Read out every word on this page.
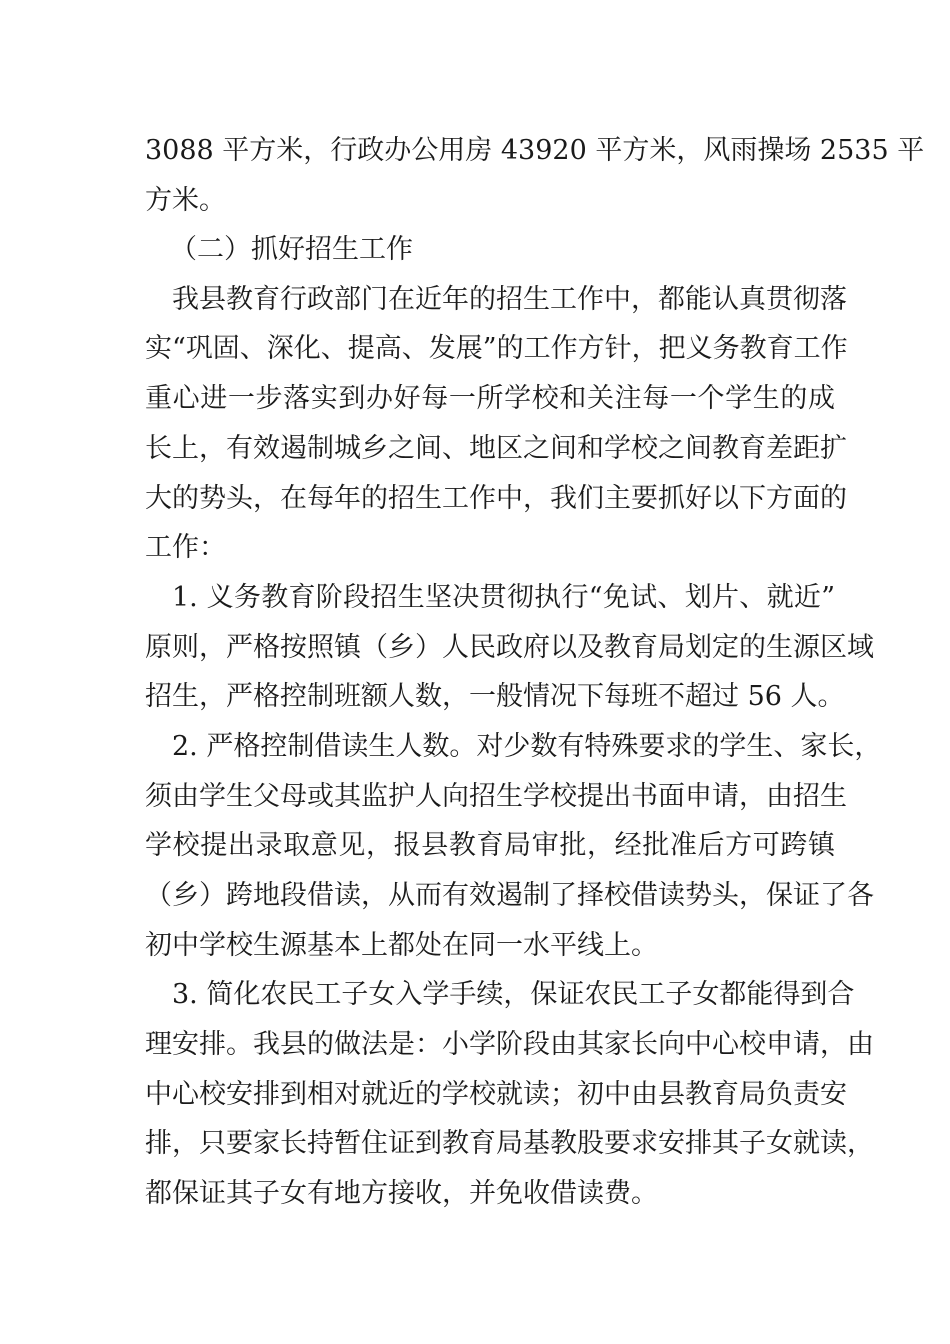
3088 平方米，行政办公用房 43920 平方米，风雨操场 2535 平
方米。
（二）抓好招生工作
我县教育行政部门在近年的招生工作中，都能认真贯彻落
实“巩固、深化、提高、发展”的工作方针，把义务教育工作
重心进一步落实到办好每一所学校和关注每一个学生的成
长上，有效遏制城乡之间、地区之间和学校之间教育差距扩
大的势头，在每年的招生工作中，我们主要抓好以下方面的
工作：
1. 义务教育阶段招生坚决贯彻执行“免试、划片、就近”
原则，严格按照镇（乡）人民政府以及教育局划定的生源区域
招生，严格控制班额人数，一般情况下每班不超过 56 人。
2. 严格控制借读生人数。对少数有特殊要求的学生、家长，
须由学生父母或其监护人向招生学校提出书面申请，由招生
学校提出录取意见，报县教育局审批，经批准后方可跨镇
（乡）跨地段借读，从而有效遏制了择校借读势头，保证了各
初中学校生源基本上都处在同一水平线上。
3. 简化农民工子女入学手续，保证农民工子女都能得到合
理安排。我县的做法是：小学阶段由其家长向中心校申请，由
中心校安排到相对就近的学校就读；初中由县教育局负责安
排，只要家长持暂住证到教育局基教股要求安排其子女就读，
都保证其子女有地方接收，并免收借读费。
